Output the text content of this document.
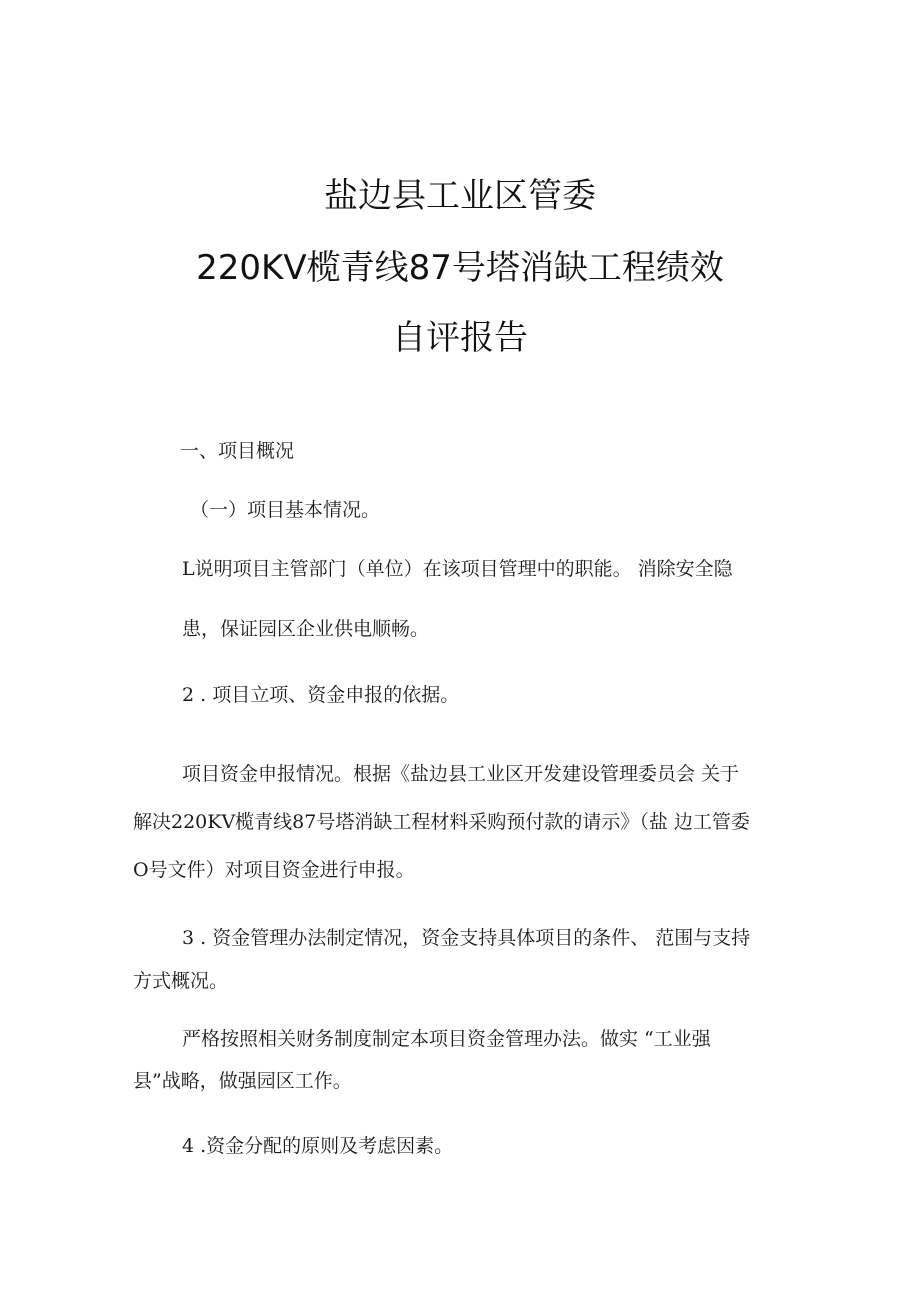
盐边县工业区管委
220KV榄青线87号塔消缺工程绩效
自评报告
一、项目概况
（一）项目基本情况。
L说明项目主管部门（单位）在该项目管理中的职能。 消除安全隐
患，保证园区企业供电顺畅。
2 . 项目立项、资金申报的依据。
项目资金申报情况。根据《盐边县工业区开发建设管理委员会 关于
解决220KV榄青线87号塔消缺工程材料采购预付款的请示》（盐 边工管委
O号文件）对项目资金进行申报。
3 . 资金管理办法制定情况，资金支持具体项目的条件、 范围与支持
方式概况。
严格按照相关财务制度制定本项目资金管理办法。做实 “工业强
县”战略，做强园区工作。
4 .资金分配的原则及考虑因素。
